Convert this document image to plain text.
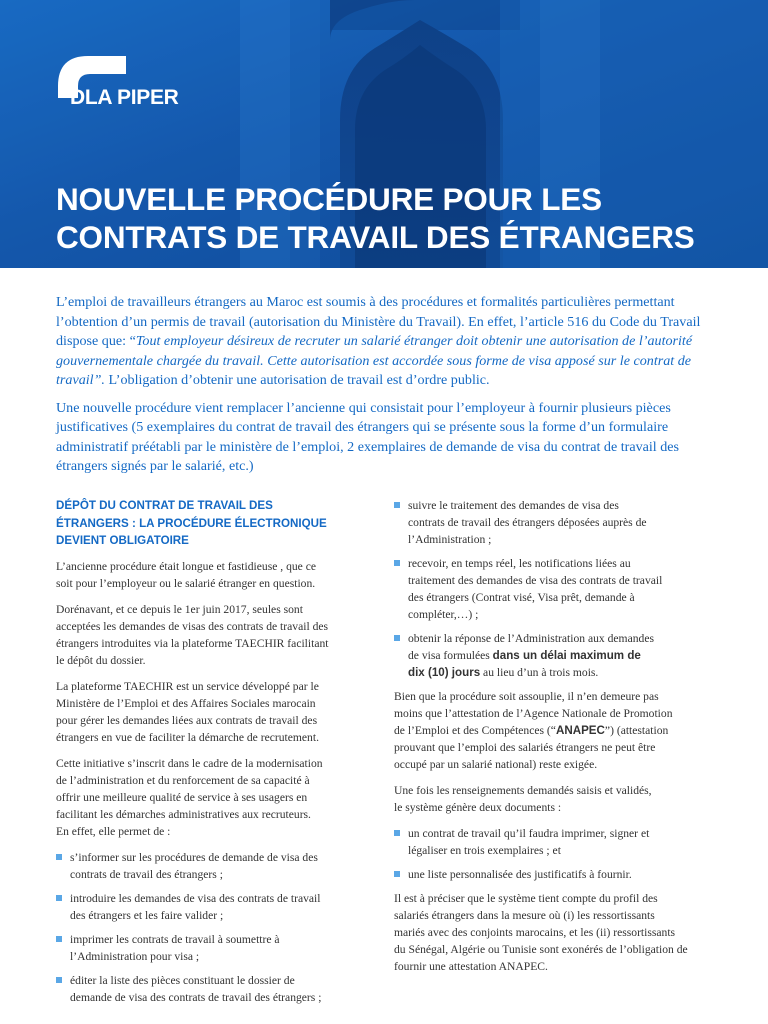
DLA PIPER
NOUVELLE PROCÉDURE POUR LES
CONTRATS DE TRAVAIL DES ÉTRANGERS

L’emploi de travailleurs étrangers au Maroc est soumis à des procédures et formalités particulières permettant l’obtention d’un permis de travail (autorisation du Ministère du Travail). En effet, l’article 516 du Code du Travail dispose que: “Tout employeur désireux de recruter un salarié étranger doit obtenir une autorisation de l’autorité gouvernementale chargée du travail. Cette autorisation est accordée sous forme de visa apposé sur le contrat de travail”. L’obligation d’obtenir une autorisation de travail est d’ordre public.

Une nouvelle procédure vient remplacer l’ancienne qui consistait pour l’employeur à fournir plusieurs pièces justificatives (5 exemplaires du contrat de travail des étrangers qui se présente sous la forme d’un formulaire administratif préétabli par le ministère de l’emploi, 2 exemplaires de demande de visa du contrat de travail des étrangers signés par le salarié, etc.)

DÉPÔT DU CONTRAT DE TRAVAIL DES
ÉTRANGERS : LA PROCÉDURE ÉLECTRONIQUE
DEVIENT OBLIGATOIRE

L’ancienne procédure était longue et fastidieuse , que ce
soit pour l’employeur ou le salarié étranger en question.

Dorénavant, et ce depuis le 1er juin 2017, seules sont
acceptées les demandes de visas des contrats de travail des
étrangers introduites via la plateforme TAECHIR facilitant
le dépôt du dossier.

La plateforme TAECHIR est un service développé par le
Ministère de l’Emploi et des Affaires Sociales marocain
pour gérer les demandes liées aux contrats de travail des
étrangers en vue de faciliter la démarche de recrutement.

Cette initiative s’inscrit dans le cadre de la modernisation
de l’administration et du renforcement de sa capacité à
offrir une meilleure qualité de service à ses usagers en
facilitant les démarches administratives aux recruteurs.
En effet, elle permet de :

s’informer sur les procédures de demande de visa des
contrats de travail des étrangers ;
introduire les demandes de visa des contrats de travail
des étrangers et les faire valider ;
imprimer les contrats de travail à soumettre à
l’Administration pour visa ;
éditer la liste des pièces constituant le dossier de
demande de visa des contrats de travail des étrangers ;
suivre le traitement des demandes de visa des
contrats de travail des étrangers déposées auprès de
l’Administration ;
recevoir, en temps réel, les notifications liées au
traitement des demandes de visa des contrats de travail
des étrangers (Contrat visé, Visa prêt, demande à
compléter,…) ;
obtenir la réponse de l’Administration aux demandes
de visa formulées dans un délai maximum de
dix (10) jours au lieu d’un à trois mois.

Bien que la procédure soit assouplie, il n’en demeure pas
moins que l’attestation de l’Agence Nationale de Promotion
de l’Emploi et des Compétences (“ANAPEC”) (attestation
prouvant que l’emploi des salariés étrangers ne peut être
occupé par un salarié national) reste exigée.

Une fois les renseignements demandés saisis et validés,
le système génère deux documents :

un contrat de travail qu’il faudra imprimer, signer et
légaliser en trois exemplaires ; et
une liste personnalisée des justificatifs à fournir.

Il est à préciser que le système tient compte du profil des
salariés étrangers dans la mesure où (i) les ressortissants
mariés avec des conjoints marocains, et les (ii) ressortissants
du Sénégal, Algérie ou Tunisie sont exonérés de l’obligation de
fournir une attestation ANAPEC.
